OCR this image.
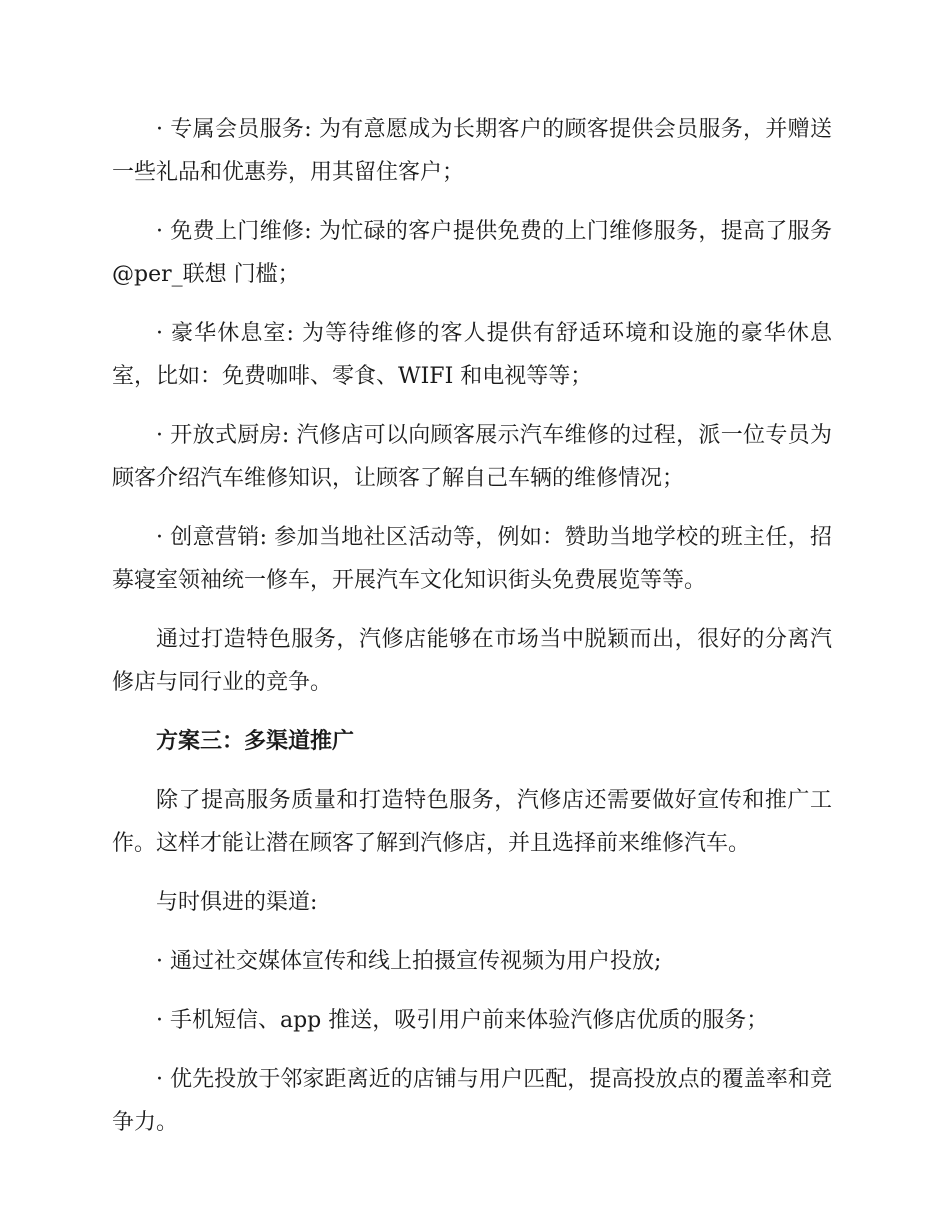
· 专属会员服务: 为有意愿成为长期客户的顾客提供会员服务，并赠送一些礼品和优惠券，用其留住客户；

· 免费上门维修: 为忙碌的客户提供免费的上门维修服务，提高了服务@per_联想 门槛；

· 豪华休息室: 为等待维修的客人提供有舒适环境和设施的豪华休息室，比如：免费咖啡、零食、WIFI 和电视等等；

· 开放式厨房: 汽修店可以向顾客展示汽车维修的过程，派一位专员为顾客介绍汽车维修知识，让顾客了解自己车辆的维修情况；

· 创意营销: 参加当地社区活动等，例如：赞助当地学校的班主任，招募寝室领袖统一修车，开展汽车文化知识街头免费展览等等。

通过打造特色服务，汽修店能够在市场当中脱颖而出，很好的分离汽修店与同行业的竞争。

方案三：多渠道推广

除了提高服务质量和打造特色服务，汽修店还需要做好宣传和推广工作。这样才能让潜在顾客了解到汽修店，并且选择前来维修汽车。

与时俱进的渠道:

· 通过社交媒体宣传和线上拍摄宣传视频为用户投放;

· 手机短信、app 推送，吸引用户前来体验汽修店优质的服务；

· 优先投放于邻家距离近的店铺与用户匹配，提高投放点的覆盖率和竞争力。
